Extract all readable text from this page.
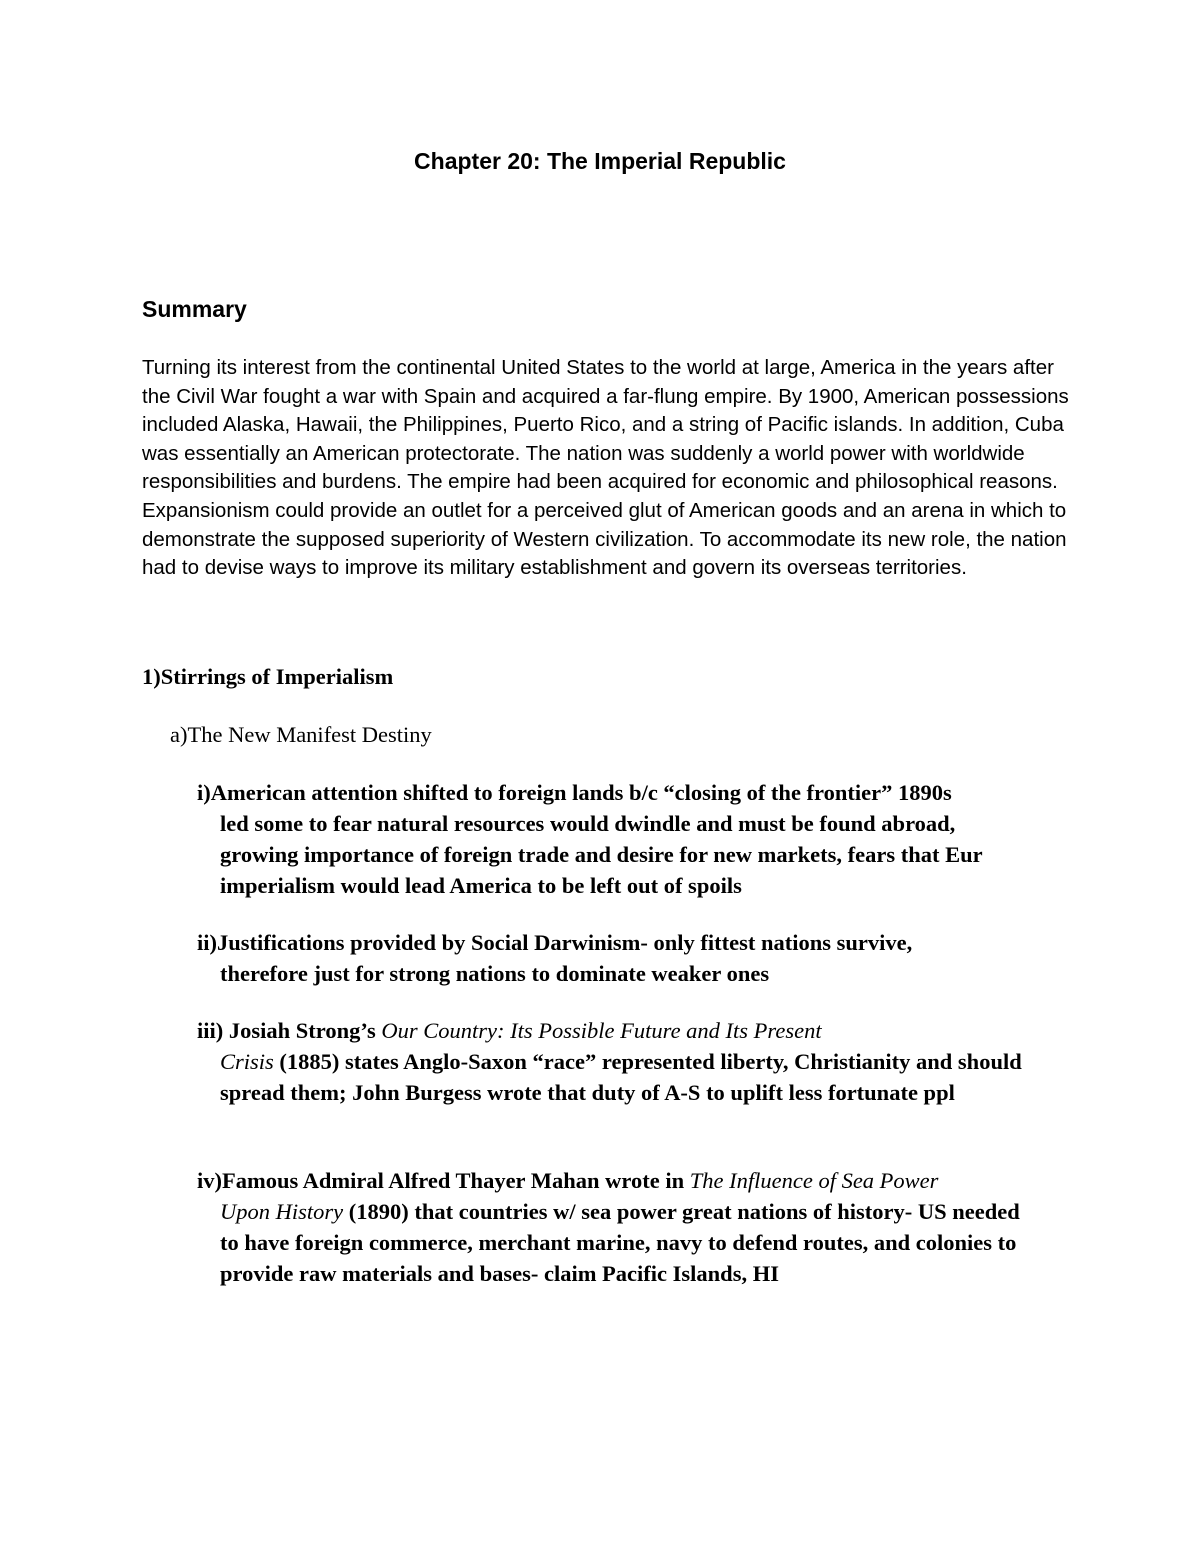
Chapter 20: The Imperial Republic
Summary

Turning its interest from the continental United States to the world at large, America in the years after the Civil War fought a war with Spain and acquired a far-flung empire. By 1900, American possessions included Alaska, Hawaii, the Philippines, Puerto Rico, and a string of Pacific islands. In addition, Cuba was essentially an American protectorate. The nation was suddenly a world power with worldwide responsibilities and burdens. The empire had been acquired for economic and philosophical reasons. Expansionism could provide an outlet for a perceived glut of American goods and an arena in which to demonstrate the supposed superiority of Western civilization. To accommodate its new role, the nation had to devise ways to improve its military establishment and govern its overseas territories.

1)Stirrings of Imperialism

a)The New Manifest Destiny

i)American attention shifted to foreign lands b/c “closing of the frontier” 1890s
led some to fear natural resources would dwindle and must be found abroad, growing importance of foreign trade and desire for new markets, fears that Eur imperialism would lead America to be left out of spoils
ii)Justifications provided by Social Darwinism- only fittest nations survive,
therefore just for strong nations to dominate weaker ones
iii) Josiah Strong’s Our Country: Its Possible Future and Its Present
Crisis (1885) states Anglo-Saxon “race” represented liberty, Christianity and should spread them; John Burgess wrote that duty of A-S to uplift less fortunate ppl
iv)Famous Admiral Alfred Thayer Mahan wrote in The Influence of Sea Power
Upon History (1890) that countries w/ sea power great nations of history- US needed to have foreign commerce, merchant marine, navy to defend routes, and colonies to provide raw materials and bases- claim Pacific Islands, HI
